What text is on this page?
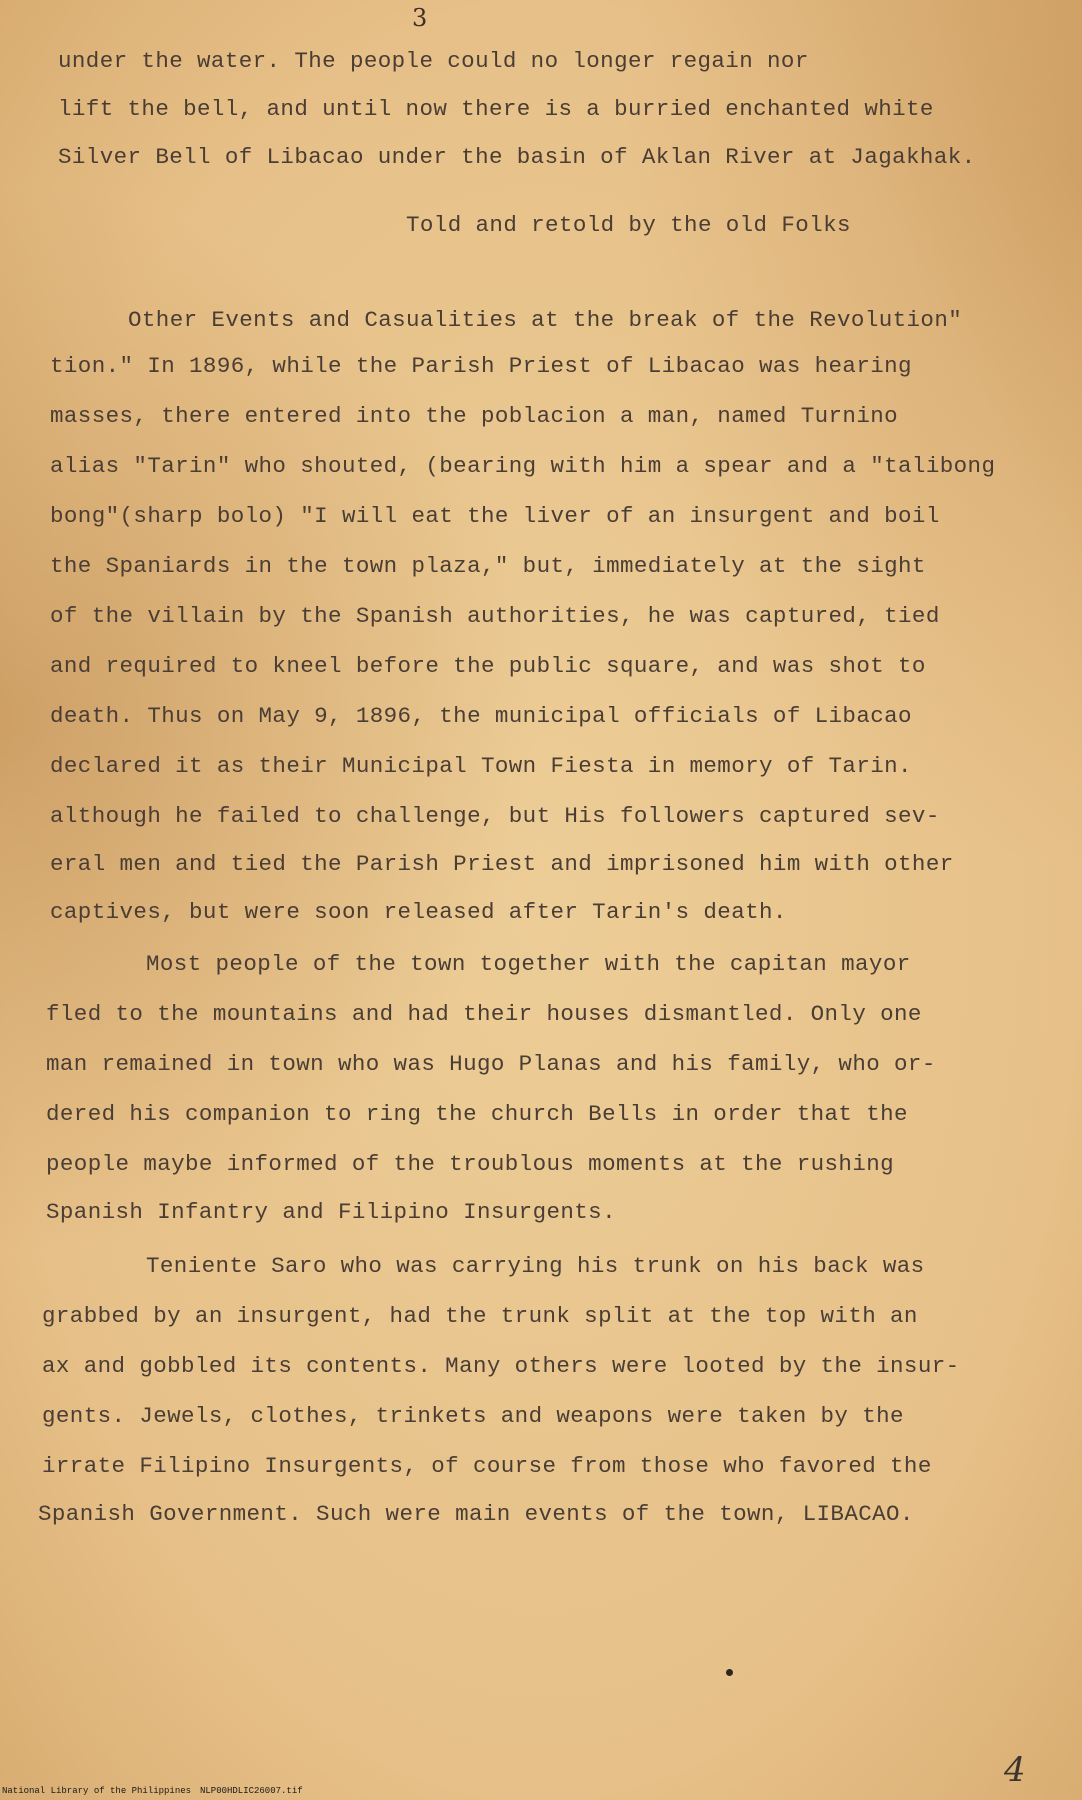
3
under the water. The people could no longer regain nor
lift the bell, and until now there is a burried enchanted white
Silver Bell of Libacao under the basin of Aklan River at Jagakhak.
Told and retold by the old Folks
Other Events and Casualities at the break of the Revolution"
tion." In 1896, while the Parish Priest of Libacao was hearing
masses, there entered into the poblacion a man, named Turnino
alias "Tarin" who shouted, (bearing with him a spear and a "talibong
bong"(sharp bolo) "I will eat the liver of an insurgent and boil
the Spaniards in the town plaza," but, immediately at the sight
of the villain by the Spanish authorities, he was captured, tied
and required to kneel before the public square, and was shot to
death. Thus on May 9, 1896, the municipal officials of Libacao
declared it as their Municipal Town Fiesta in memory of Tarin.
although he failed to challenge, but His followers captured sev-
eral men and tied the Parish Priest and imprisoned him with other
captives, but were soon released after Tarin's death.
Most people of the town together with the capitan mayor
fled to the mountains and had their houses dismantled. Only one
man remained in town who was Hugo Planas and his family, who or-
dered his companion to ring the church Bells in order that the
people maybe informed of the troublous moments at the rushing
Spanish Infantry and Filipino Insurgents.
Teniente Saro who was carrying his trunk on his back was
grabbed by an insurgent, had the trunk split at the top with an
ax and gobbled its contents. Many others were looted by the insur-
gents. Jewels, clothes, trinkets and weapons were taken by the
irrate Filipino Insurgents, of course from those who favored the
Spanish Government. Such were main events of the town, LIBACAO.
National Library of the Philippines NLP00HDLIC26007.tif
4
